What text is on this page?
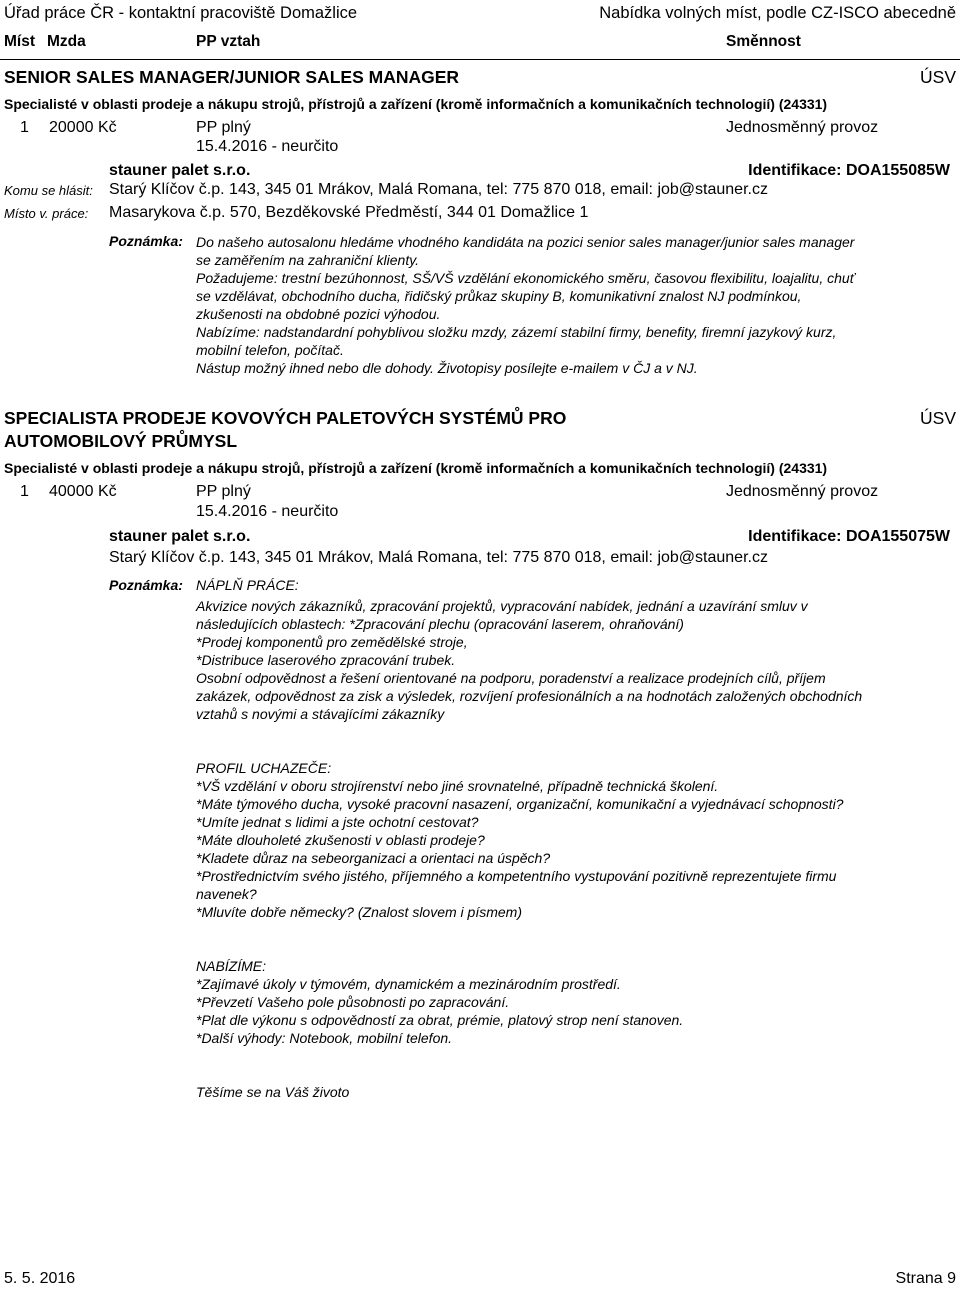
Úřad práce ČR - kontaktní pracoviště Domažlice	Nabídka volných míst, podle CZ-ISCO abecedně
Míst Mzda	PP vztah	Směnnost
SENIOR SALES MANAGER/JUNIOR SALES MANAGER	ÚSV
Specialisté v oblasti prodeje a nákupu strojů, přístrojů a zařízení (kromě informačních a komunikačních technologií) (24331)
1 20000 Kč	PP plný	Jednosměnný provoz
15.4.2016 - neurčito
stauner palet s.r.o.	Identifikace: DOA155085W
Komu se hlásit: Starý Klíčov č.p. 143, 345 01 Mrákov, Malá Romana, tel: 775 870 018, email: job@stauner.cz
Místo v. práce: Masarykova č.p. 570, Bezděkovské Předměstí, 344 01 Domažlice 1
Poznámka: Do našeho autosalonu hledáme vhodného kandidáta na pozici senior sales manager/junior sales manager
se zaměřením na zahraniční klienty.
Požadujeme: trestní bezúhonnost, SŠ/VŠ vzdělání ekonomického směru, časovou flexibilitu, loajalitu, chuť
se vzdělávat, obchodního ducha, řidičský průkaz skupiny B, komunikativní znalost NJ podmínkou,
zkušenosti na obdobné pozici výhodou.
Nabízíme: nadstandardní pohyblivou složku mzdy, zázemí stabilní firmy, benefity, firemní jazykový kurz,
mobilní telefon, počítač.
Nástup možný ihned nebo dle dohody. Životopisy posílejte e-mailem v ČJ a v NJ.
SPECIALISTA PRODEJE KOVOVÝCH PALETOVÝCH SYSTÉMŮ PRO
AUTOMOBILOVÝ PRŮMYSL
ÚSV
Specialisté v oblasti prodeje a nákupu strojů, přístrojů a zařízení (kromě informačních a komunikačních technologií) (24331)
1 40000 Kč	PP plný	Jednosměnný provoz
15.4.2016 - neurčito
stauner palet s.r.o.	Identifikace: DOA155075W
Starý Klíčov č.p. 143, 345 01 Mrákov, Malá Romana, tel: 775 870 018, email: job@stauner.cz
Poznámka: NÁPLŇ PRÁCE:
Akvizice nových zákazníků, zpracování projektů, vypracování nabídek, jednání a uzavírání smluv v
následujících oblastech: *Zpracování plechu (opracování laserem, ohraňování)
*Prodej komponentů pro zemědělské stroje,
*Distribuce laserového zpracování trubek.
Osobní odpovědnost a řešení orientované na podporu, poradenství a realizace prodejních cílů, příjem
zakázek, odpovědnost za zisk a výsledek, rozvíjení profesionálních a na hodnotách založených obchodních
vztahů s novými a stávajícími zákazníky
PROFIL UCHAZEČE:
*VŠ vzdělání v oboru strojírenství nebo jiné srovnatelné, případně technická školení.
*Máte týmového ducha, vysoké pracovní nasazení, organizační, komunikační a vyjednávací schopnosti?
*Umíte jednat s lidimi a jste ochotní cestovat?
*Máte dlouholeté zkušenosti v oblasti prodeje?
*Kladete důraz na sebeorganizaci a orientaci na úspěch?
*Prostřednictvím svého jistého, příjemného a kompetentního vystupování pozitivně reprezentujete firmu
navenek?
*Mluvíte dobře německy? (Znalost slovem i písmem)
NABÍZÍME:
*Zajímavé úkoly v týmovém, dynamickém a mezinárodním prostředí.
*Převzetí Vašeho pole působnosti po zapracování.
*Plat dle výkonu s odpovědností za obrat, prémie, platový strop není stanoven.
*Další výhody: Notebook, mobilní telefon.
Těšíme se na Váš životo
5. 5. 2016	Strana 9
